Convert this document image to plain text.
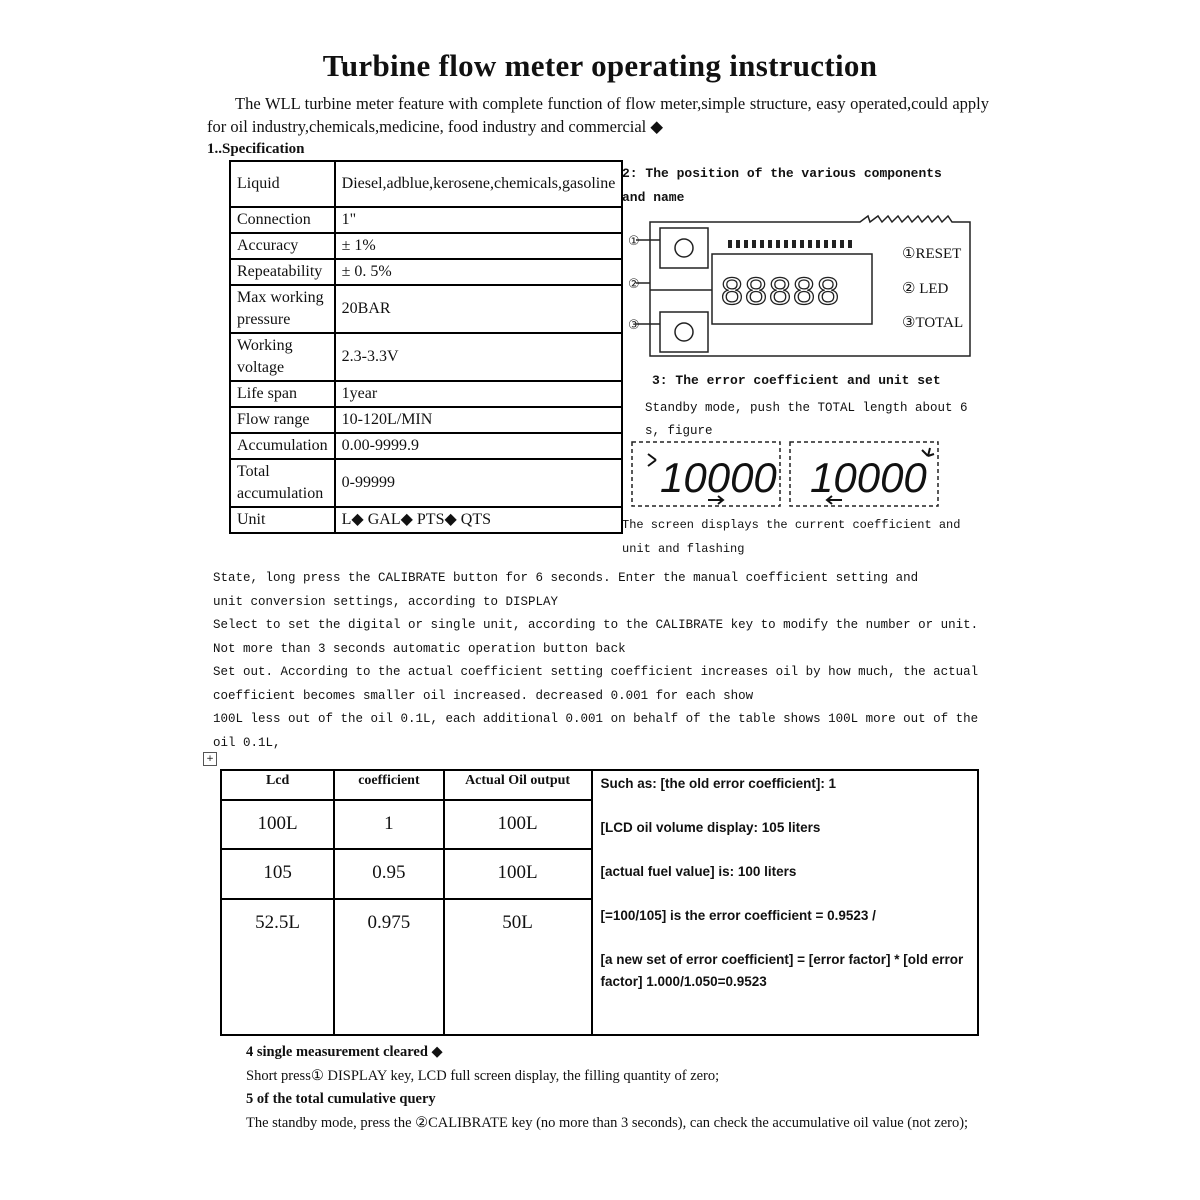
Turbine flow meter operating instruction
The WLL turbine meter feature with complete function of flow meter,simple structure, easy operated,could apply for oil industry,chemicals,medicine, food industry and commercial ◆
1..Specification
Liquid	Diesel,adblue,kerosene,chemicals,gasoline
Connection	1"
Accuracy	± 1%
Repeatability	± 0. 5%
Max working pressure	20BAR
Working voltage	2.3-3.3V
Life span	1year
Flow range	10-120L/MIN
Accumulation	0.00-9999.9
Total accumulation	0-99999
Unit	L◆ GAL◆ PTS◆ QTS
2: The position of the various components and name
88888
①
②
③
①RESET
② LED
③TOTAL
3: The error coefficient and unit set
Standby mode, push the TOTAL length about 6 s, figure
10000 10000
The screen displays the current coefficient and unit and flashing
State, long press the CALIBRATE button for 6 seconds. Enter the manual coefficient setting and
unit conversion settings, according to DISPLAY
Select to set the digital or single unit, according to the CALIBRATE key to modify the number or unit.
Not more than 3 seconds automatic operation button back
Set out. According to the actual coefficient setting coefficient increases oil by how much, the actual
coefficient becomes smaller oil increased. decreased 0.001 for each show
100L less out of the oil 0.1L, each additional 0.001 on behalf of the table shows 100L more out of the
oil 0.1L,
+
Lcd	coefficient	Actual Oil output	Such as: [the old error coefficient]: 1

[LCD oil volume display: 105 liters

[actual fuel value] is: 100 liters

[=100/105] is the error coefficient = 0.9523 /

[a new set of error coefficient] = [error factor] * [old error factor] 1.000/1.050=0.9523

100L	1	100L	
105	0.95	100L	
52.5L	0.975	50L	
4 single measurement cleared ◆
Short press① DISPLAY key, LCD full screen display, the filling quantity of zero;
5 of the total cumulative query
The standby mode, press the ②CALIBRATE key (no more than 3 seconds), can check the accumulative oil value (not zero);
